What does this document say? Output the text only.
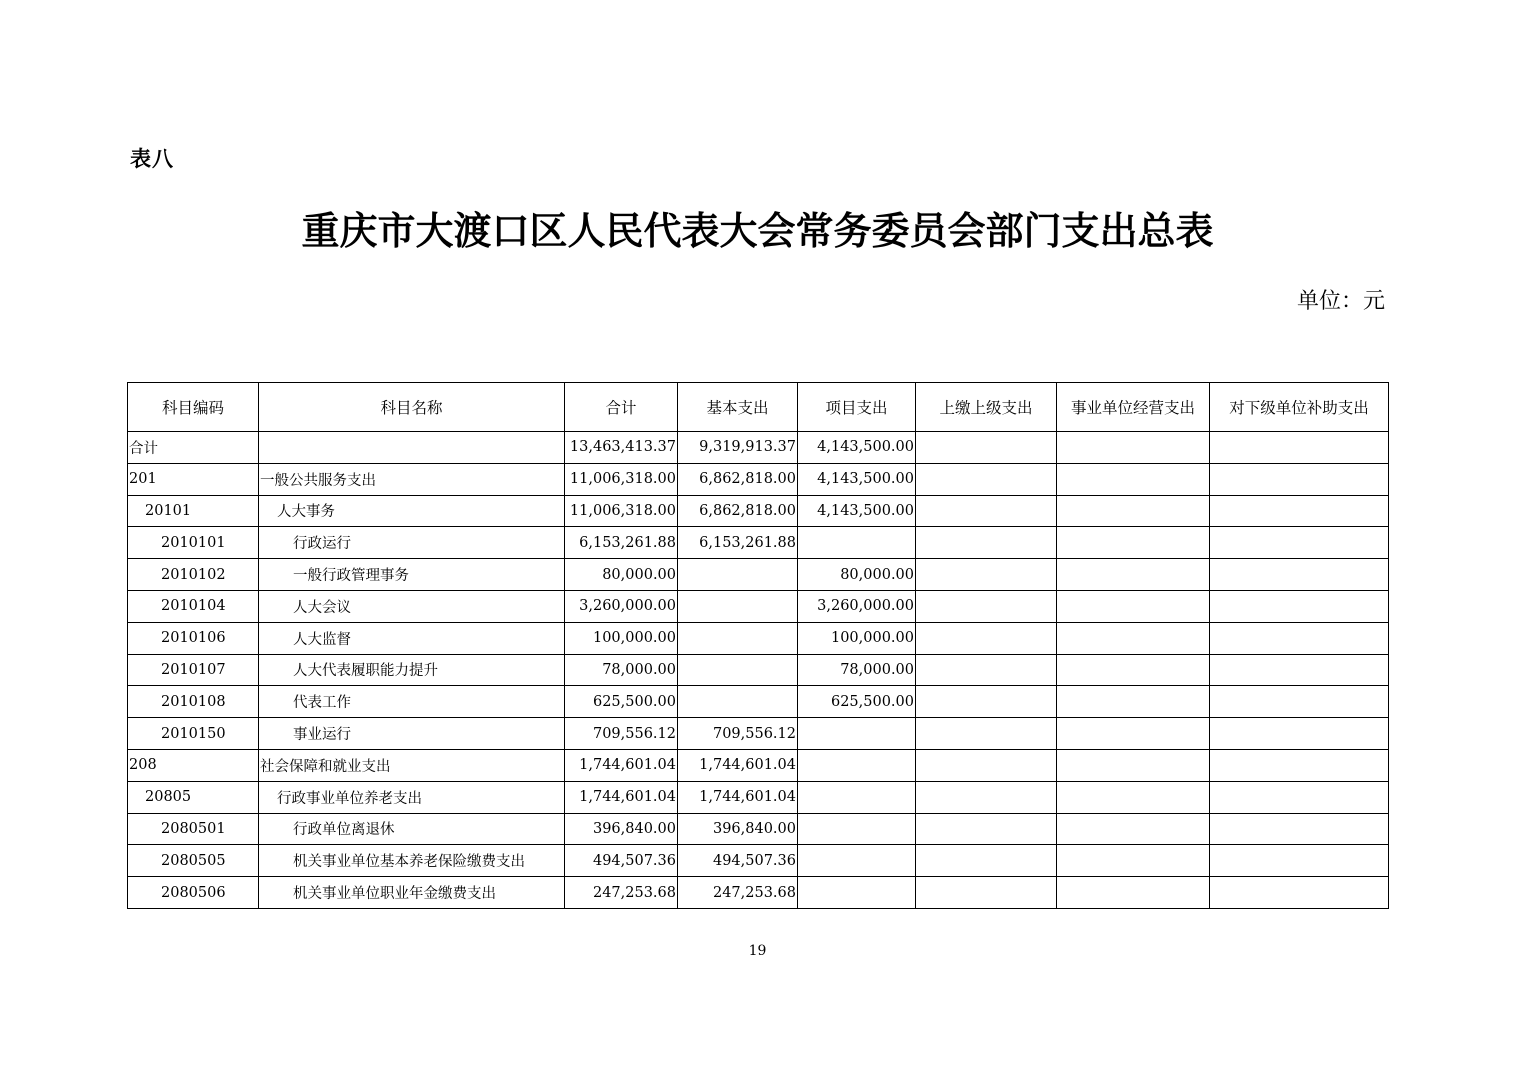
表八
重庆市大渡口区人民代表大会常务委员会部门支出总表
单位：元
科目编码	科目名称	合计	基本支出	项目支出	上缴上级支出	事业单位经营支出	对下级单位补助支出
合计		13,463,413.37	9,319,913.37	4,143,500.00			
201	一般公共服务支出	11,006,318.00	6,862,818.00	4,143,500.00			
20101	人大事务	11,006,318.00	6,862,818.00	4,143,500.00			
2010101	行政运行	6,153,261.88	6,153,261.88				
2010102	一般行政管理事务	80,000.00		80,000.00			
2010104	人大会议	3,260,000.00		3,260,000.00			
2010106	人大监督	100,000.00		100,000.00			
2010107	人大代表履职能力提升	78,000.00		78,000.00			
2010108	代表工作	625,500.00		625,500.00			
2010150	事业运行	709,556.12	709,556.12				
208	社会保障和就业支出	1,744,601.04	1,744,601.04				
20805	行政事业单位养老支出	1,744,601.04	1,744,601.04				
2080501	行政单位离退休	396,840.00	396,840.00				
2080505	机关事业单位基本养老保险缴费支出	494,507.36	494,507.36				
2080506	机关事业单位职业年金缴费支出	247,253.68	247,253.68				
19
